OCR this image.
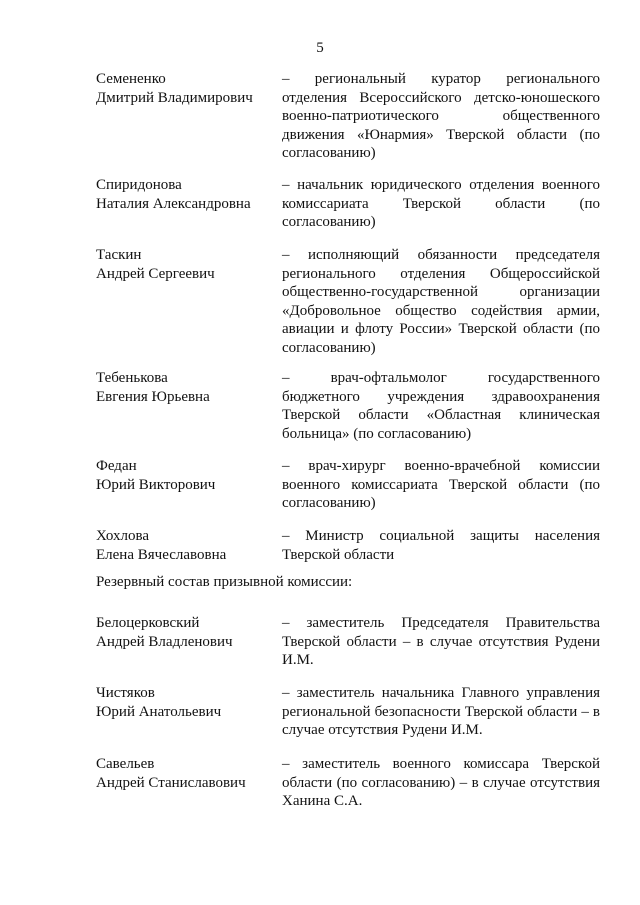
5
Семененко
Дмитрий Владимирович
– региональный куратор регионального отделения Всероссийского детско-юношеского военно-патриотического общественного движения «Юнармия» Тверской области (по согласованию)
Спиридонова
Наталия Александровна
– начальник юридического отделения военного комиссариата Тверской области (по согласованию)
Таскин
Андрей Сергеевич
– исполняющий обязанности председателя регионального отделения Общероссийской общественно-государственной организации «Добровольное общество содействия армии, авиации и флоту России» Тверской области (по согласованию)
Тебенькова
Евгения Юрьевна
– врач-офтальмолог государственного бюджетного учреждения здравоохранения Тверской области «Областная клиническая больница» (по согласованию)
Федан
Юрий Викторович
– врач-хирург военно-врачебной комиссии военного комиссариата Тверской области (по согласованию)
Хохлова
Елена Вячеславовна
– Министр социальной защиты населения Тверской области
Резервный состав призывной комиссии:
Белоцерковский
Андрей Владленович
– заместитель Председателя Правительства Тверской области – в случае отсутствия Рудени И.М.
Чистяков
Юрий Анатольевич
– заместитель начальника Главного управления региональной безопасности Тверской области – в случае отсутствия Рудени И.М.
Савельев
Андрей Станиславович
– заместитель военного комиссара Тверской области (по согласованию) – в случае отсутствия Ханина С.А.
